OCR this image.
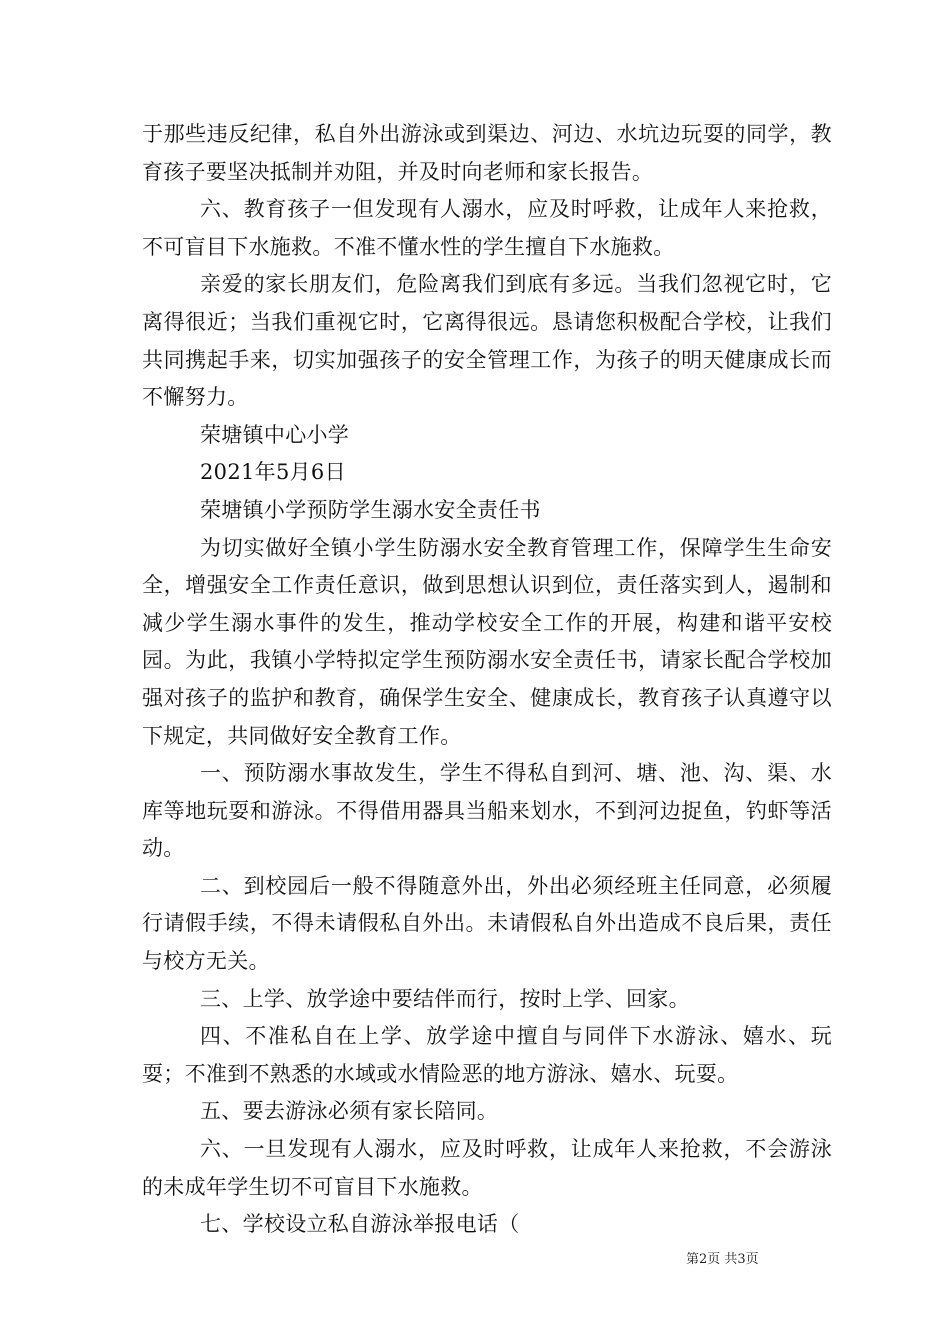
于那些违反纪律，私自外出游泳或到渠边、河边、水坑边玩耍的同学，教育孩子要坚决抵制并劝阻，并及时向老师和家长报告。

六、教育孩子一但发现有人溺水，应及时呼救，让成年人来抢救，不可盲目下水施救。不准不懂水性的学生擅自下水施救。

亲爱的家长朋友们，危险离我们到底有多远。当我们忽视它时，它离得很近；当我们重视它时，它离得很远。恳请您积极配合学校，让我们共同携起手来，切实加强孩子的安全管理工作，为孩子的明天健康成长而不懈努力。

荣塘镇中心小学

2021年5月6日

荣塘镇小学预防学生溺水安全责任书

为切实做好全镇小学生防溺水安全教育管理工作，保障学生生命安全，增强安全工作责任意识，做到思想认识到位，责任落实到人，遏制和减少学生溺水事件的发生，推动学校安全工作的开展，构建和谐平安校园。为此，我镇小学特拟定学生预防溺水安全责任书，请家长配合学校加强对孩子的监护和教育，确保学生安全、健康成长，教育孩子认真遵守以下规定，共同做好安全教育工作。

一、预防溺水事故发生，学生不得私自到河、塘、池、沟、渠、水库等地玩耍和游泳。不得借用器具当船来划水，不到河边捉鱼，钓虾等活动。

二、到校园后一般不得随意外出，外出必须经班主任同意，必须履行请假手续，不得未请假私自外出。未请假私自外出造成不良后果，责任与校方无关。

三、上学、放学途中要结伴而行，按时上学、回家。

四、不准私自在上学、放学途中擅自与同伴下水游泳、嬉水、玩耍；不准到不熟悉的水域或水情险恶的地方游泳、嬉水、玩耍。

五、要去游泳必须有家长陪同。

六、一旦发现有人溺水，应及时呼救，让成年人来抢救，不会游泳的未成年学生切不可盲目下水施救。

七、学校设立私自游泳举报电话（

第2页 共3页
